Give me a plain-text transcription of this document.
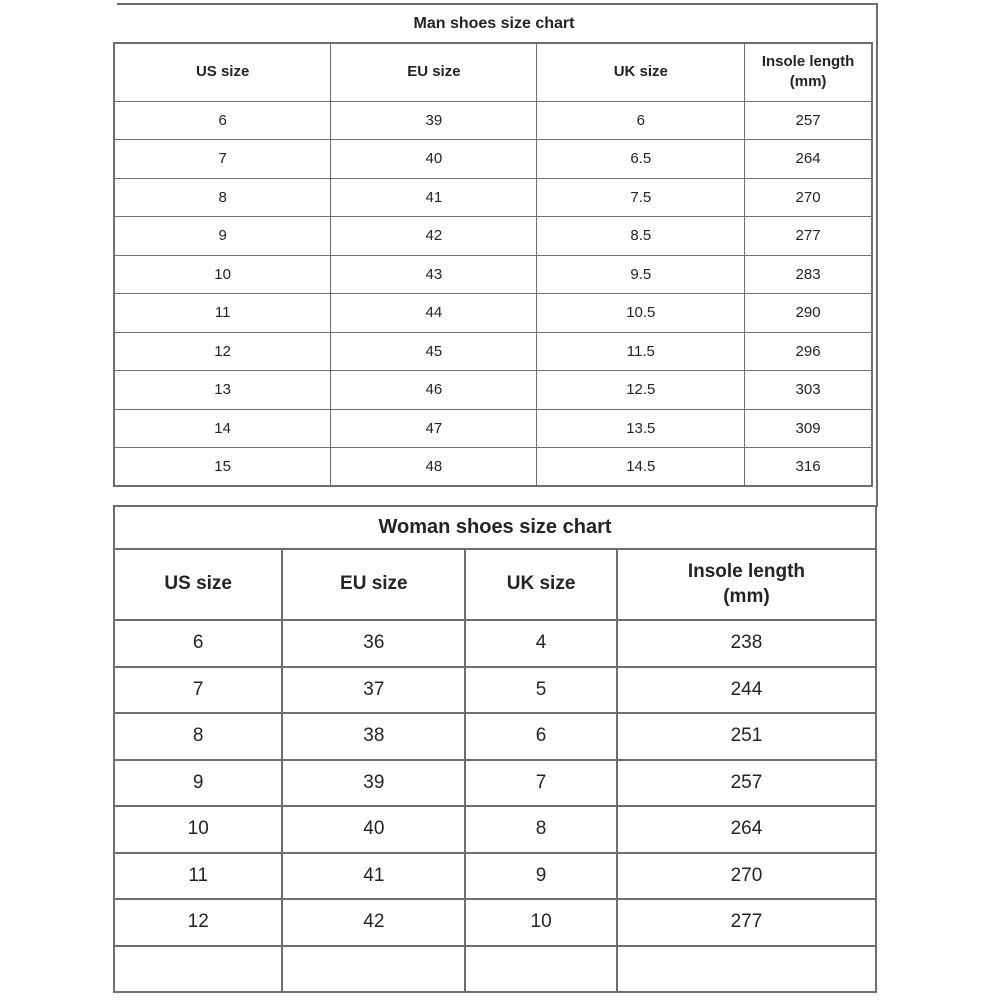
Man shoes size chart
US size	EU size	UK size	Insole length
(mm)
6	39	6	257
7	40	6.5	264
8	41	7.5	270
9	42	8.5	277
10	43	9.5	283
11	44	10.5	290
12	45	11.5	296
13	46	12.5	303
14	47	13.5	309
15	48	14.5	316
Woman shoes size chart
US size	EU size	UK size	Insole length
(mm)
6	36	4	238
7	37	5	244
8	38	6	251
9	39	7	257
10	40	8	264
11	41	9	270
12	42	10	277
